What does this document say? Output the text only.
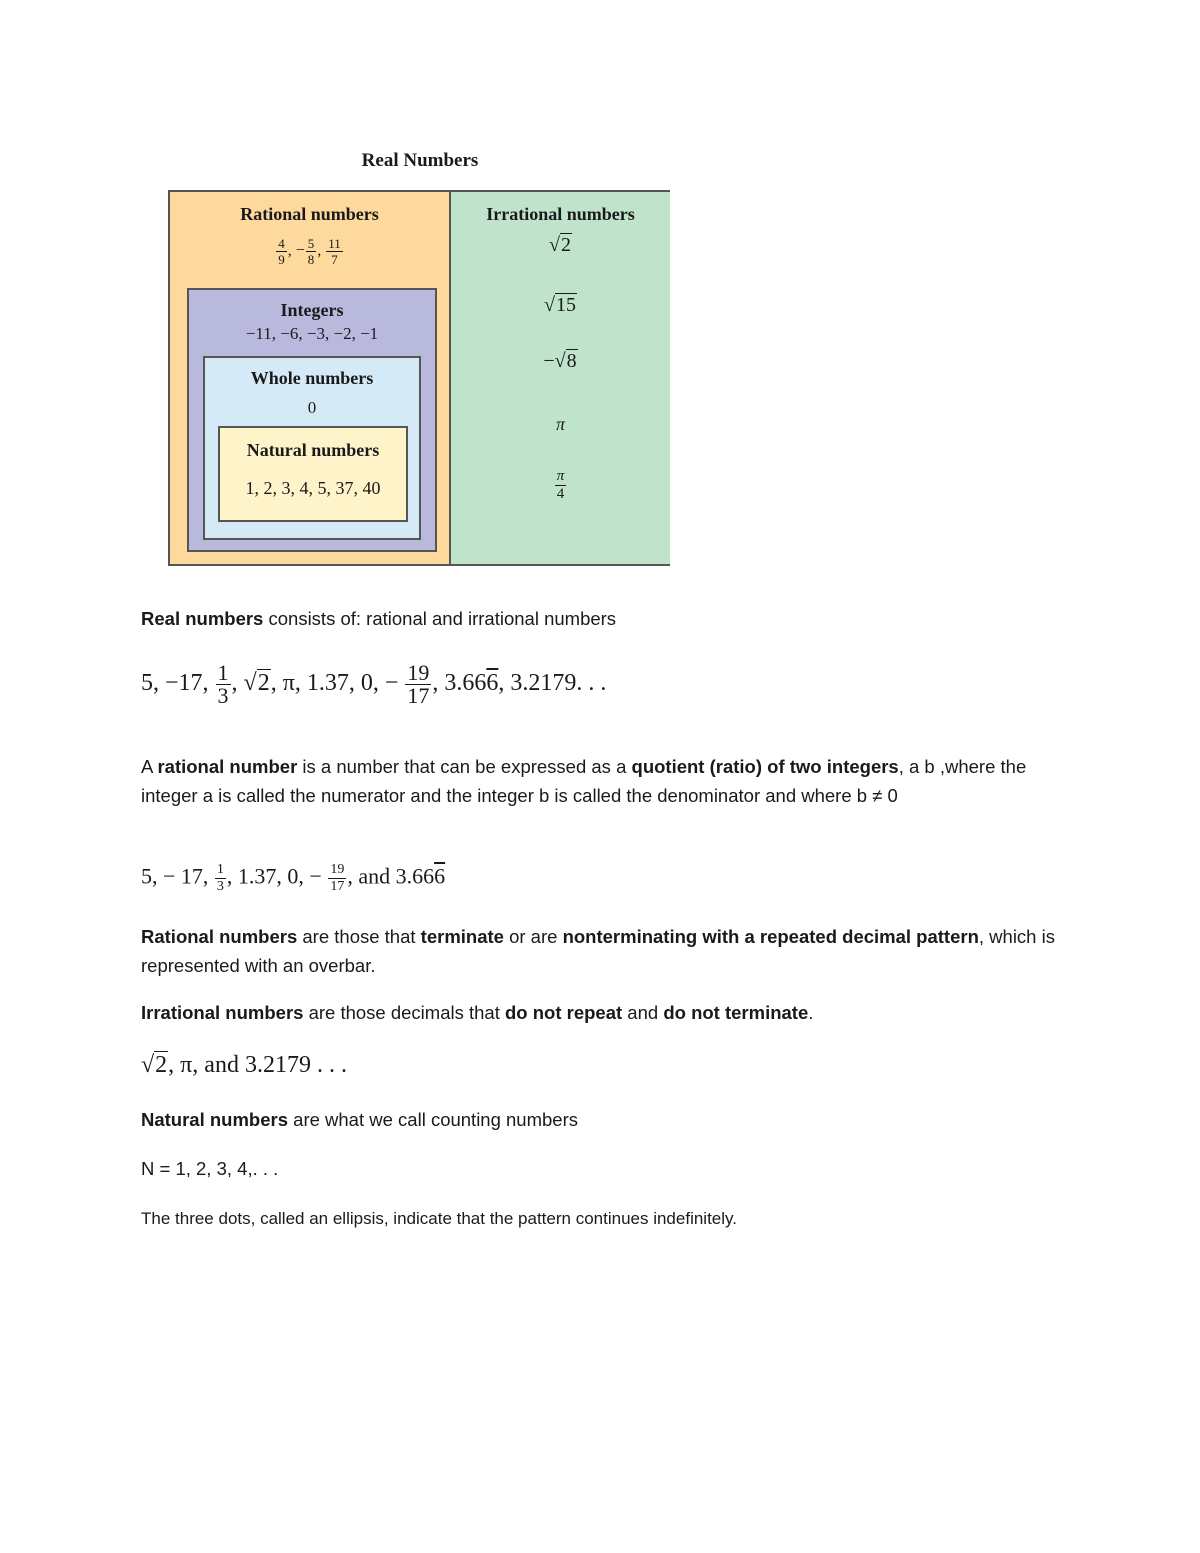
Real Numbers
Rational numbers
$\frac{4}{9}$ , − $\frac{5}{8}$ , $\frac{11}{7}$
Integers
−11, −6, −3, −2, −1
Whole numbers
0
Natural numbers
1, 2, 3, 4, 5, 37, 40
Irrational numbers
√2
√15
−√8
π
$\frac{\pi}{4}$
Real numbers consists of: rational and irrational numbers
5, −17, $\frac{1}{3}$ , √2, π, 1.37, 0, − $\frac{19}{17}$ , 3.666, 3.2179. . .
A rational number is a number that can be expressed as a quotient (ratio) of two integers, a b ,where the integer a is called the numerator and the integer b is called the denominator and where b ≠ 0
5, − 17, $\frac{1}{3}$ , 1.37, 0, − $\frac{19}{17}$ , and 3.666
Rational numbers are those that terminate or are nonterminating with a repeated decimal pattern, which is represented with an overbar.
Irrational numbers are those decimals that do not repeat and do not terminate.
√2, π, and 3.2179 . . .
Natural numbers are what we call counting numbers
N = 1, 2, 3, 4,. . .
The three dots, called an ellipsis, indicate that the pattern continues indefinitely.
